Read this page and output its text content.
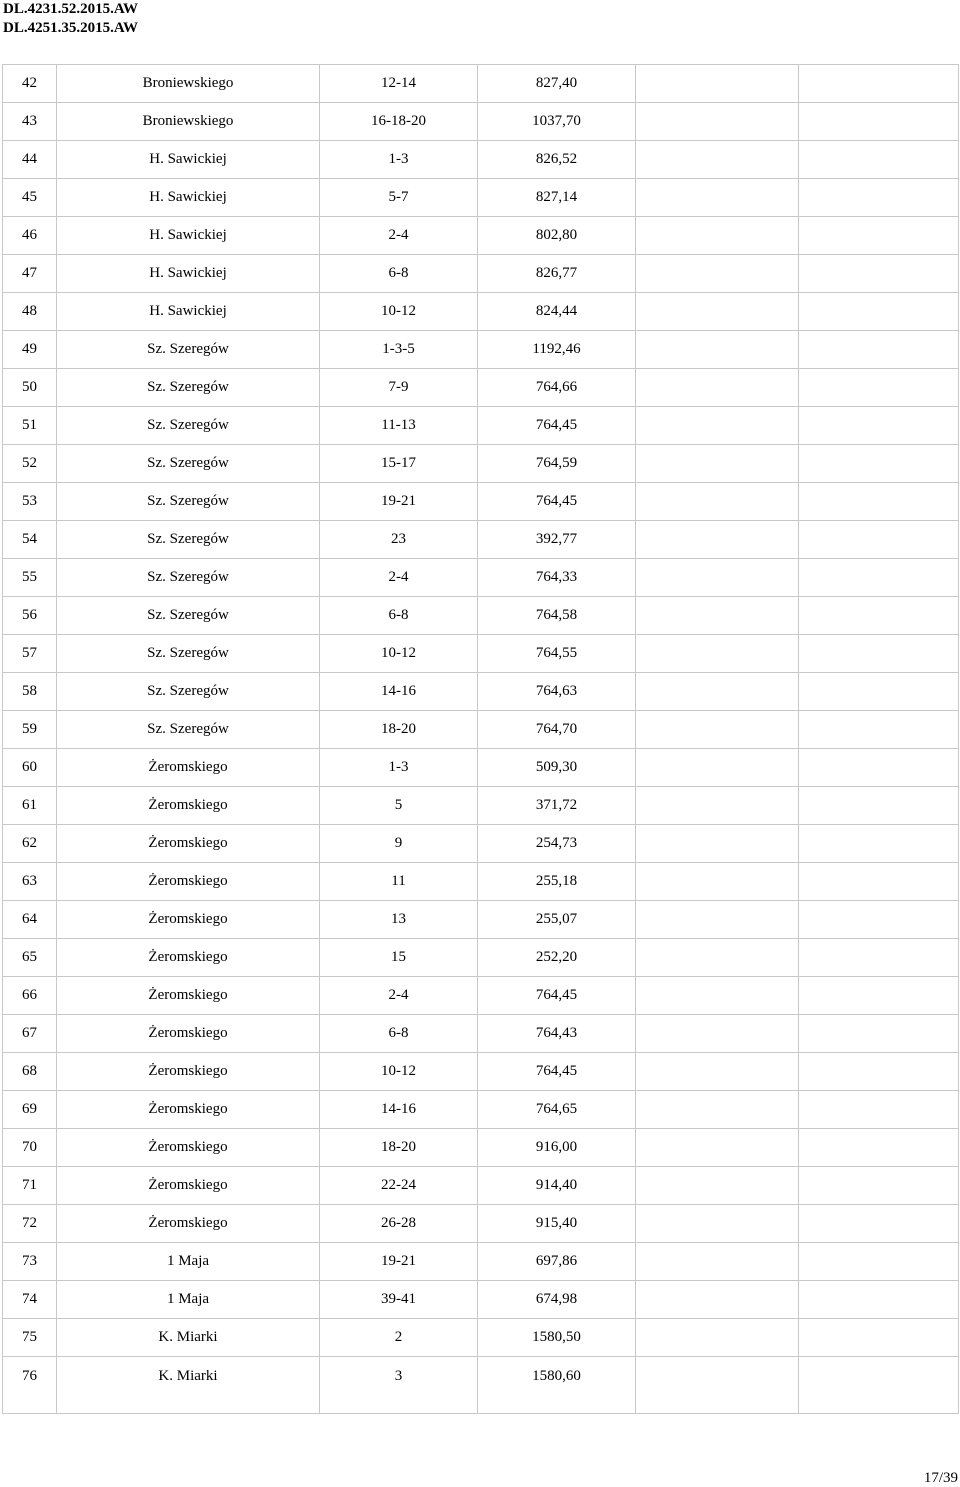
DL.4231.52.2015.AW
DL.4251.35.2015.AW
42	Broniewskiego	12-14	827,40		
43	Broniewskiego	16-18-20	1037,70		
44	H. Sawickiej	1-3	826,52		
45	H. Sawickiej	5-7	827,14		
46	H. Sawickiej	2-4	802,80		
47	H. Sawickiej	6-8	826,77		
48	H. Sawickiej	10-12	824,44		
49	Sz. Szeregów	1-3-5	1192,46		
50	Sz. Szeregów	7-9	764,66		
51	Sz. Szeregów	11-13	764,45		
52	Sz. Szeregów	15-17	764,59		
53	Sz. Szeregów	19-21	764,45		
54	Sz. Szeregów	23	392,77		
55	Sz. Szeregów	2-4	764,33		
56	Sz. Szeregów	6-8	764,58		
57	Sz. Szeregów	10-12	764,55		
58	Sz. Szeregów	14-16	764,63		
59	Sz. Szeregów	18-20	764,70		
60	Żeromskiego	1-3	509,30		
61	Żeromskiego	5	371,72		
62	Żeromskiego	9	254,73		
63	Żeromskiego	11	255,18		
64	Żeromskiego	13	255,07		
65	Żeromskiego	15	252,20		
66	Żeromskiego	2-4	764,45		
67	Żeromskiego	6-8	764,43		
68	Żeromskiego	10-12	764,45		
69	Żeromskiego	14-16	764,65		
70	Żeromskiego	18-20	916,00		
71	Żeromskiego	22-24	914,40		
72	Żeromskiego	26-28	915,40		
73	1 Maja	19-21	697,86		
74	1 Maja	39-41	674,98		
75	K. Miarki	2	1580,50		
76	K. Miarki	3	1580,60		
17/39
